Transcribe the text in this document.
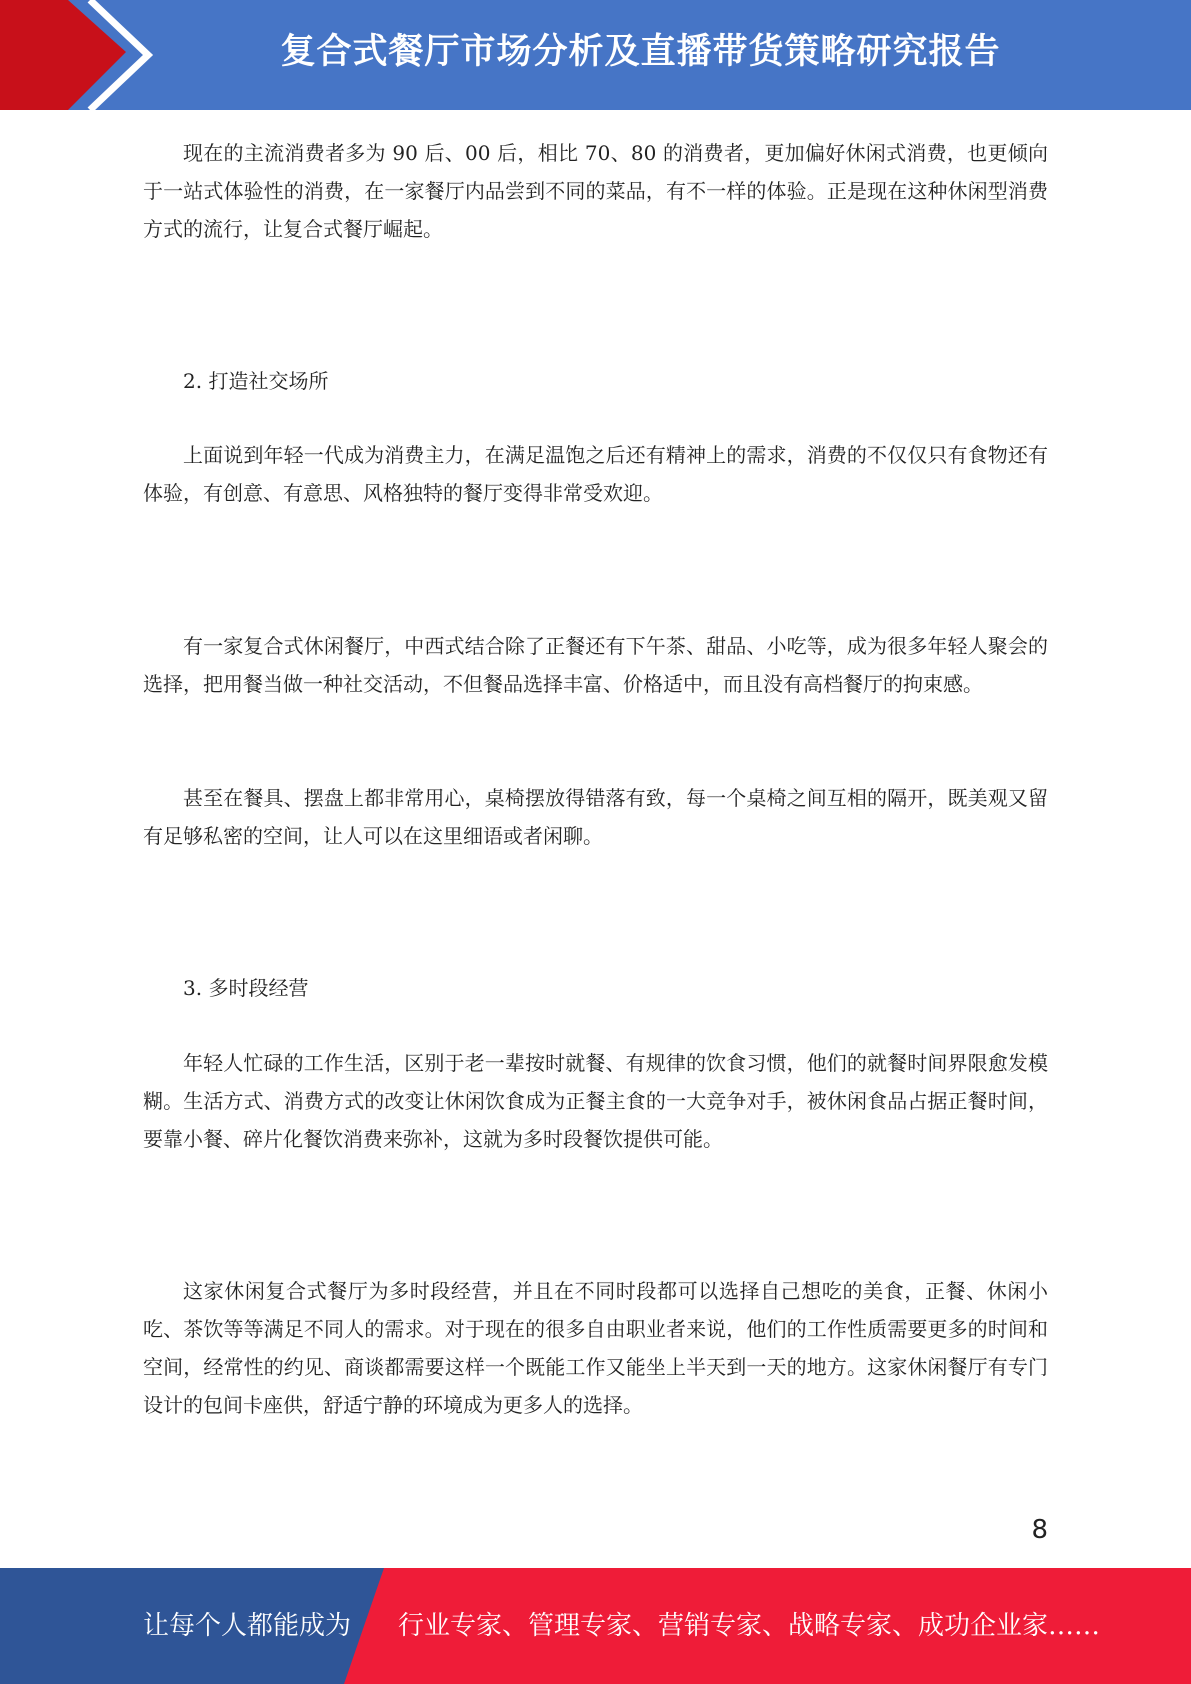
复合式餐厅市场分析及直播带货策略研究报告

现在的主流消费者多为 90 后、00 后，相比 70、80 的消费者，更加偏好休闲式消费，也更倾向于一站式体验性的消费，在一家餐厅内品尝到不同的菜品，有不一样的体验。正是现在这种休闲型消费方式的流行，让复合式餐厅崛起。

2. 打造社交场所

上面说到年轻一代成为消费主力，在满足温饱之后还有精神上的需求，消费的不仅仅只有食物还有体验，有创意、有意思、风格独特的餐厅变得非常受欢迎。

有一家复合式休闲餐厅，中西式结合除了正餐还有下午茶、甜品、小吃等，成为很多年轻人聚会的选择，把用餐当做一种社交活动，不但餐品选择丰富、价格适中，而且没有高档餐厅的拘束感。

甚至在餐具、摆盘上都非常用心，桌椅摆放得错落有致，每一个桌椅之间互相的隔开，既美观又留有足够私密的空间，让人可以在这里细语或者闲聊。

3. 多时段经营

年轻人忙碌的工作生活，区别于老一辈按时就餐、有规律的饮食习惯，他们的就餐时间界限愈发模糊。生活方式、消费方式的改变让休闲饮食成为正餐主食的一大竞争对手，被休闲食品占据正餐时间，要靠小餐、碎片化餐饮消费来弥补，这就为多时段餐饮提供可能。

这家休闲复合式餐厅为多时段经营，并且在不同时段都可以选择自己想吃的美食，正餐、休闲小吃、茶饮等等满足不同人的需求。对于现在的很多自由职业者来说，他们的工作性质需要更多的时间和空间，经常性的约见、商谈都需要这样一个既能工作又能坐上半天到一天的地方。这家休闲餐厅有专门设计的包间卡座供，舒适宁静的环境成为更多人的选择。

8
让每个人都能成为 行业专家、管理专家、营销专家、战略专家、成功企业家……
